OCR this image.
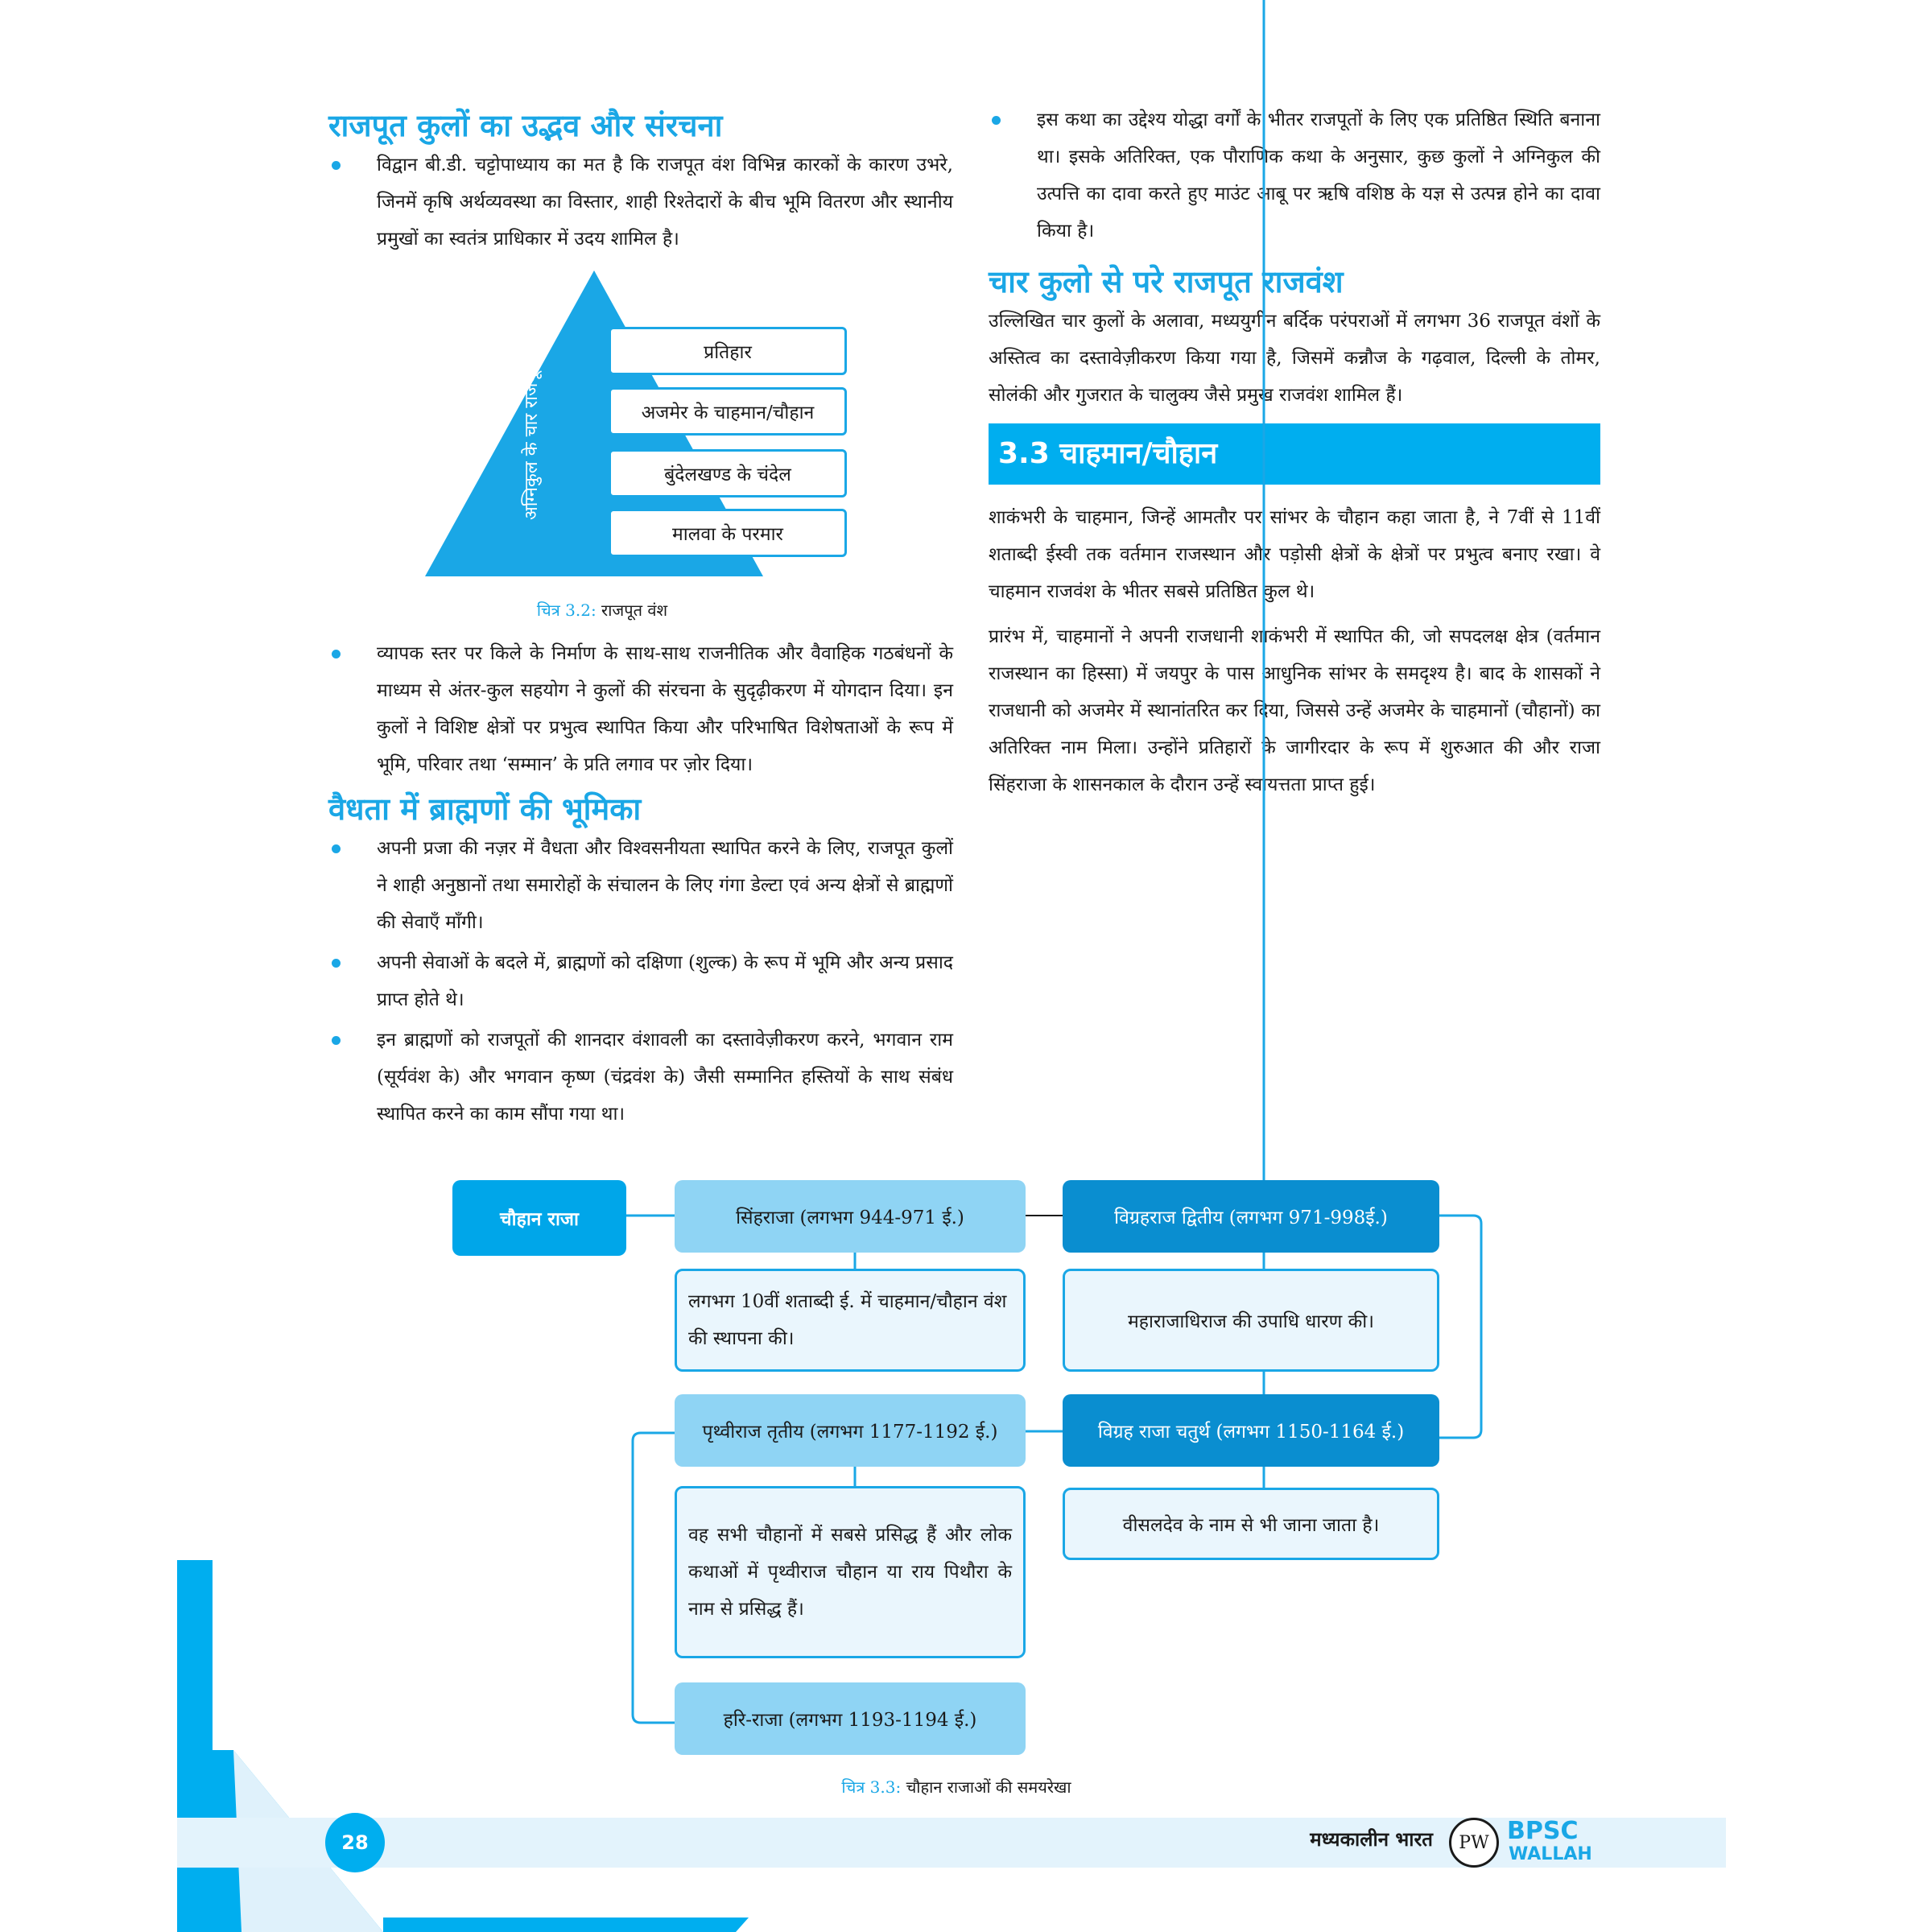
राजपूत कुलों का उद्भव और संरचना
विद्वान बी.डी. चट्टोपाध्याय का मत है कि राजपूत वंश विभिन्न कारकों के कारण उभरे, जिनमें कृषि अर्थव्यवस्था का विस्तार, शाही रिश्तेदारों के बीच भूमि वितरण और स्थानीय प्रमुखों का स्वतंत्र प्राधिकार में उदय शामिल है।
अग्निकुल के चार राजपूत वंश	प्रतिहार
अजमेर के चाहमान/चौहान
बुंदेलखण्ड के चंदेल
मालवा के परमार
चित्र 3.2: राजपूत वंश
व्यापक स्तर पर किले के निर्माण के साथ-साथ राजनीतिक और वैवाहिक गठबंधनों के माध्यम से अंतर-कुल सहयोग ने कुलों की संरचना के सुदृढ़ीकरण में योगदान दिया। इन कुलों ने विशिष्ट क्षेत्रों पर प्रभुत्व स्थापित किया और परिभाषित विशेषताओं के रूप में भूमि, परिवार तथा ‘सम्मान’ के प्रति लगाव पर ज़ोर दिया।
वैधता में ब्राह्मणों की भूमिका
अपनी प्रजा की नज़र में वैधता और विश्वसनीयता स्थापित करने के लिए, राजपूत कुलों ने शाही अनुष्ठानों तथा समारोहों के संचालन के लिए गंगा डेल्टा एवं अन्य क्षेत्रों से ब्राह्मणों की सेवाएँ माँगी।
अपनी सेवाओं के बदले में, ब्राह्मणों को दक्षिणा (शुल्क) के रूप में भूमि और अन्य प्रसाद प्राप्त होते थे।
इन ब्राह्मणों को राजपूतों की शानदार वंशावली का दस्तावेज़ीकरण करने, भगवान राम (सूर्यवंश के) और भगवान कृष्ण (चंद्रवंश के) जैसी सम्मानित हस्तियों के साथ संबंध स्थापित करने का काम सौंपा गया था।
इस कथा का उद्देश्य योद्धा वर्गों के भीतर राजपूतों के लिए एक प्रतिष्ठित स्थिति बनाना था। इसके अतिरिक्त, एक पौराणिक कथा के अनुसार, कुछ कुलों ने अग्निकुल की उत्पत्ति का दावा करते हुए माउंट आबू पर ऋषि वशिष्ठ के यज्ञ से उत्पन्न होने का दावा किया है।
चार कुलो से परे राजपूत राजवंश
उल्लिखित चार कुलों के अलावा, मध्ययुगीन बर्दिक परंपराओं में लगभग 36 राजपूत वंशों के अस्तित्व का दस्तावेज़ीकरण किया गया है, जिसमें कन्नौज के गढ़वाल, दिल्ली के तोमर, सोलंकी और गुजरात के चालुक्य जैसे प्रमुख राजवंश शामिल हैं।
3.3 चाहमान/चौहान
शाकंभरी के चाहमान, जिन्हें आमतौर पर सांभर के चौहान कहा जाता है, ने 7वीं से 11वीं शताब्दी ईस्वी तक वर्तमान राजस्थान और पड़ोसी क्षेत्रों के क्षेत्रों पर प्रभुत्व बनाए रखा। वे चाहमान राजवंश के भीतर सबसे प्रतिष्ठित कुल थे।
प्रारंभ में, चाहमानों ने अपनी राजधानी शाकंभरी में स्थापित की, जो सपदलक्ष क्षेत्र (वर्तमान राजस्थान का हिस्सा) में जयपुर के पास आधुनिक सांभर के समदृश्य है। बाद के शासकों ने राजधानी को अजमेर में स्थानांतरित कर दिया, जिससे उन्हें अजमेर के चाहमानों (चौहानों) का अतिरिक्त नाम मिला। उन्होंने प्रतिहारों के जागीरदार के रूप में शुरुआत की और राजा सिंहराजा के शासनकाल के दौरान उन्हें स्वायत्तता प्राप्त हुई।
चौहान राजा	सिंहराजा (लगभग 944-971 ई.)
लगभग 10वीं शताब्दी ई. में चाहमान/चौहान वंश की स्थापना की।
विग्रहराज द्वितीय (लगभग 971-998ई.)
महाराजाधिराज की उपाधि धारण की।
विग्रह राजा चतुर्थ (लगभग 1150-1164 ई.)
वीसलदेव के नाम से भी जाना जाता है।
पृथ्वीराज तृतीय (लगभग 1177-1192 ई.)
वह सभी चौहानों में सबसे प्रसिद्ध हैं और लोक कथाओं में पृथ्वीराज चौहान या राय पिथौरा के नाम से प्रसिद्ध हैं।
हरि-राजा (लगभग 1193-1194 ई.)
चित्र 3.3: चौहान राजाओं की समयरेखा
28	मध्यकालीन भारत	PW BPSC
WALLAH
